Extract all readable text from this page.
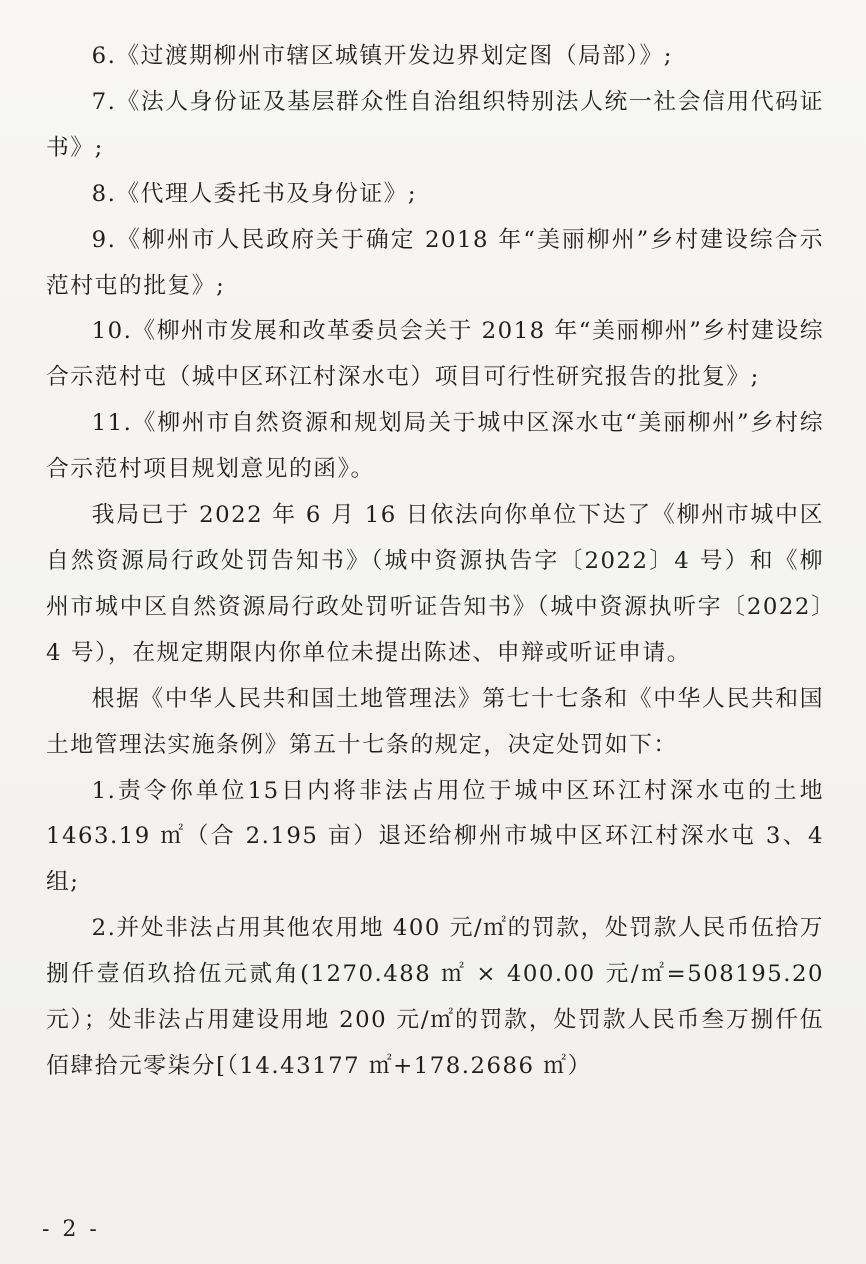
6.《过渡期柳州市辖区城镇开发边界划定图（局部）》;

7.《法人身份证及基层群众性自治组织特别法人统一社会信用代码证书》;

8.《代理人委托书及身份证》;

9.《柳州市人民政府关于确定 2018 年“美丽柳州”乡村建设综合示范村屯的批复》;

10.《柳州市发展和改革委员会关于 2018 年“美丽柳州”乡村建设综合示范村屯（城中区环江村深水屯）项目可行性研究报告的批复》;

11.《柳州市自然资源和规划局关于城中区深水屯“美丽柳州”乡村综合示范村项目规划意见的函》。

我局已于 2022 年 6 月 16 日依法向你单位下达了《柳州市城中区自然资源局行政处罚告知书》（城中资源执告字〔2022〕4 号）和《柳州市城中区自然资源局行政处罚听证告知书》（城中资源执听字〔2022〕4 号），在规定期限内你单位未提出陈述、申辩或听证申请。

根据《中华人民共和国土地管理法》第七十七条和《中华人民共和国土地管理法实施条例》第五十七条的规定，决定处罚如下：

1.责令你单位15日内将非法占用位于城中区环江村深水屯的土地 1463.19 ㎡（合 2.195 亩）退还给柳州市城中区环江村深水屯 3、4 组;

2.并处非法占用其他农用地 400 元/㎡的罚款，处罚款人民币伍拾万捌仟壹佰玖拾伍元贰角(1270.488 ㎡ × 400.00 元/㎡=508195.20 元）；处非法占用建设用地 200 元/㎡的罚款，处罚款人民币叁万捌仟伍佰肆拾元零柒分[（14.43177 ㎡+178.2686 ㎡）

- 2 -
